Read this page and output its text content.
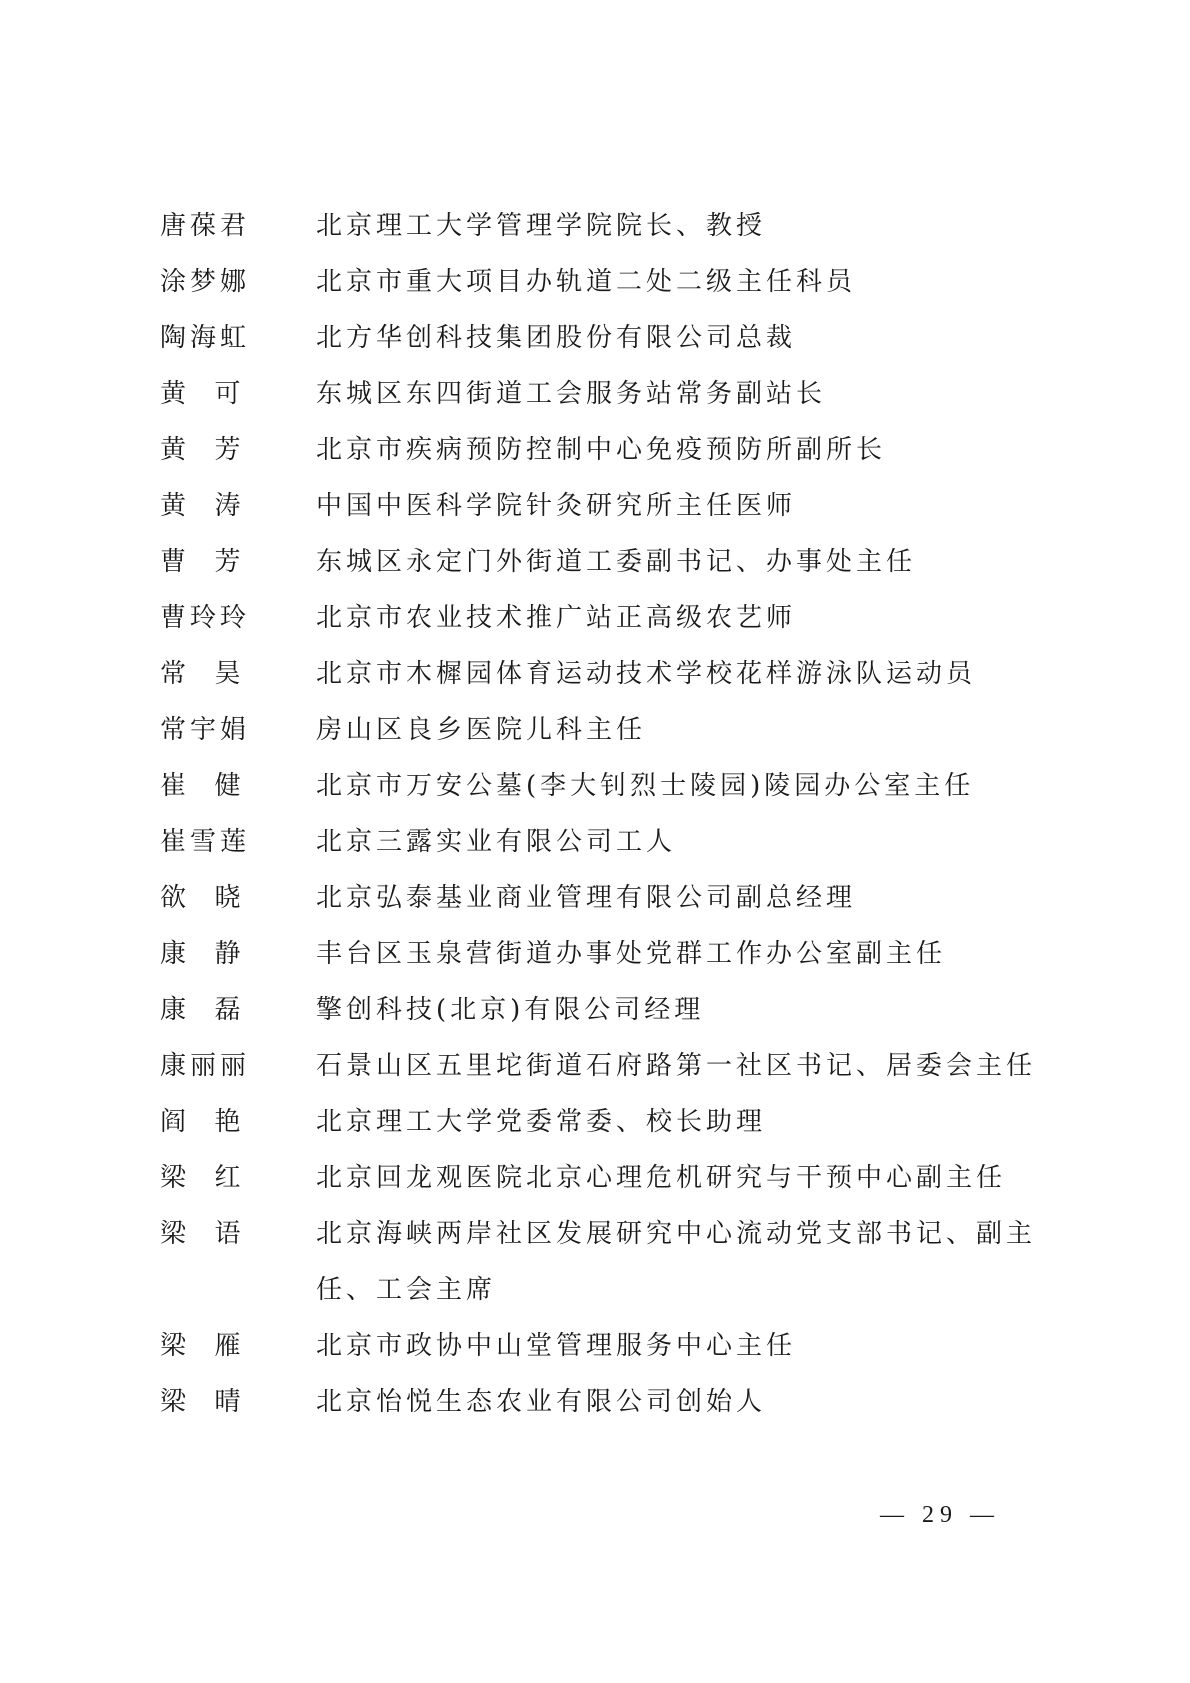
唐葆君	北京理工大学管理学院院长、教授
涂梦娜	北京市重大项目办轨道二处二级主任科员
陶海虹	北方华创科技集团股份有限公司总裁
黄  可	东城区东四街道工会服务站常务副站长
黄  芳	北京市疾病预防控制中心免疫预防所副所长
黄  涛	中国中医科学院针灸研究所主任医师
曹  芳	东城区永定门外街道工委副书记、办事处主任
曹玲玲	北京市农业技术推广站正高级农艺师
常  昊	北京市木樨园体育运动技术学校花样游泳队运动员
常宇娟	房山区良乡医院儿科主任
崔  健	北京市万安公墓(李大钊烈士陵园)陵园办公室主任
崔雪莲	北京三露实业有限公司工人
欲  晓	北京弘泰基业商业管理有限公司副总经理
康  静	丰台区玉泉营街道办事处党群工作办公室副主任
康  磊	擎创科技(北京)有限公司经理
康丽丽	石景山区五里坨街道石府路第一社区书记、居委会主任
阎  艳	北京理工大学党委常委、校长助理
梁  红	北京回龙观医院北京心理危机研究与干预中心副主任
梁  语	北京海峡两岸社区发展研究中心流动党支部书记、副主任、工会主席
梁  雁	北京市政协中山堂管理服务中心主任
梁  晴	北京怡悦生态农业有限公司创始人
— 29 —
